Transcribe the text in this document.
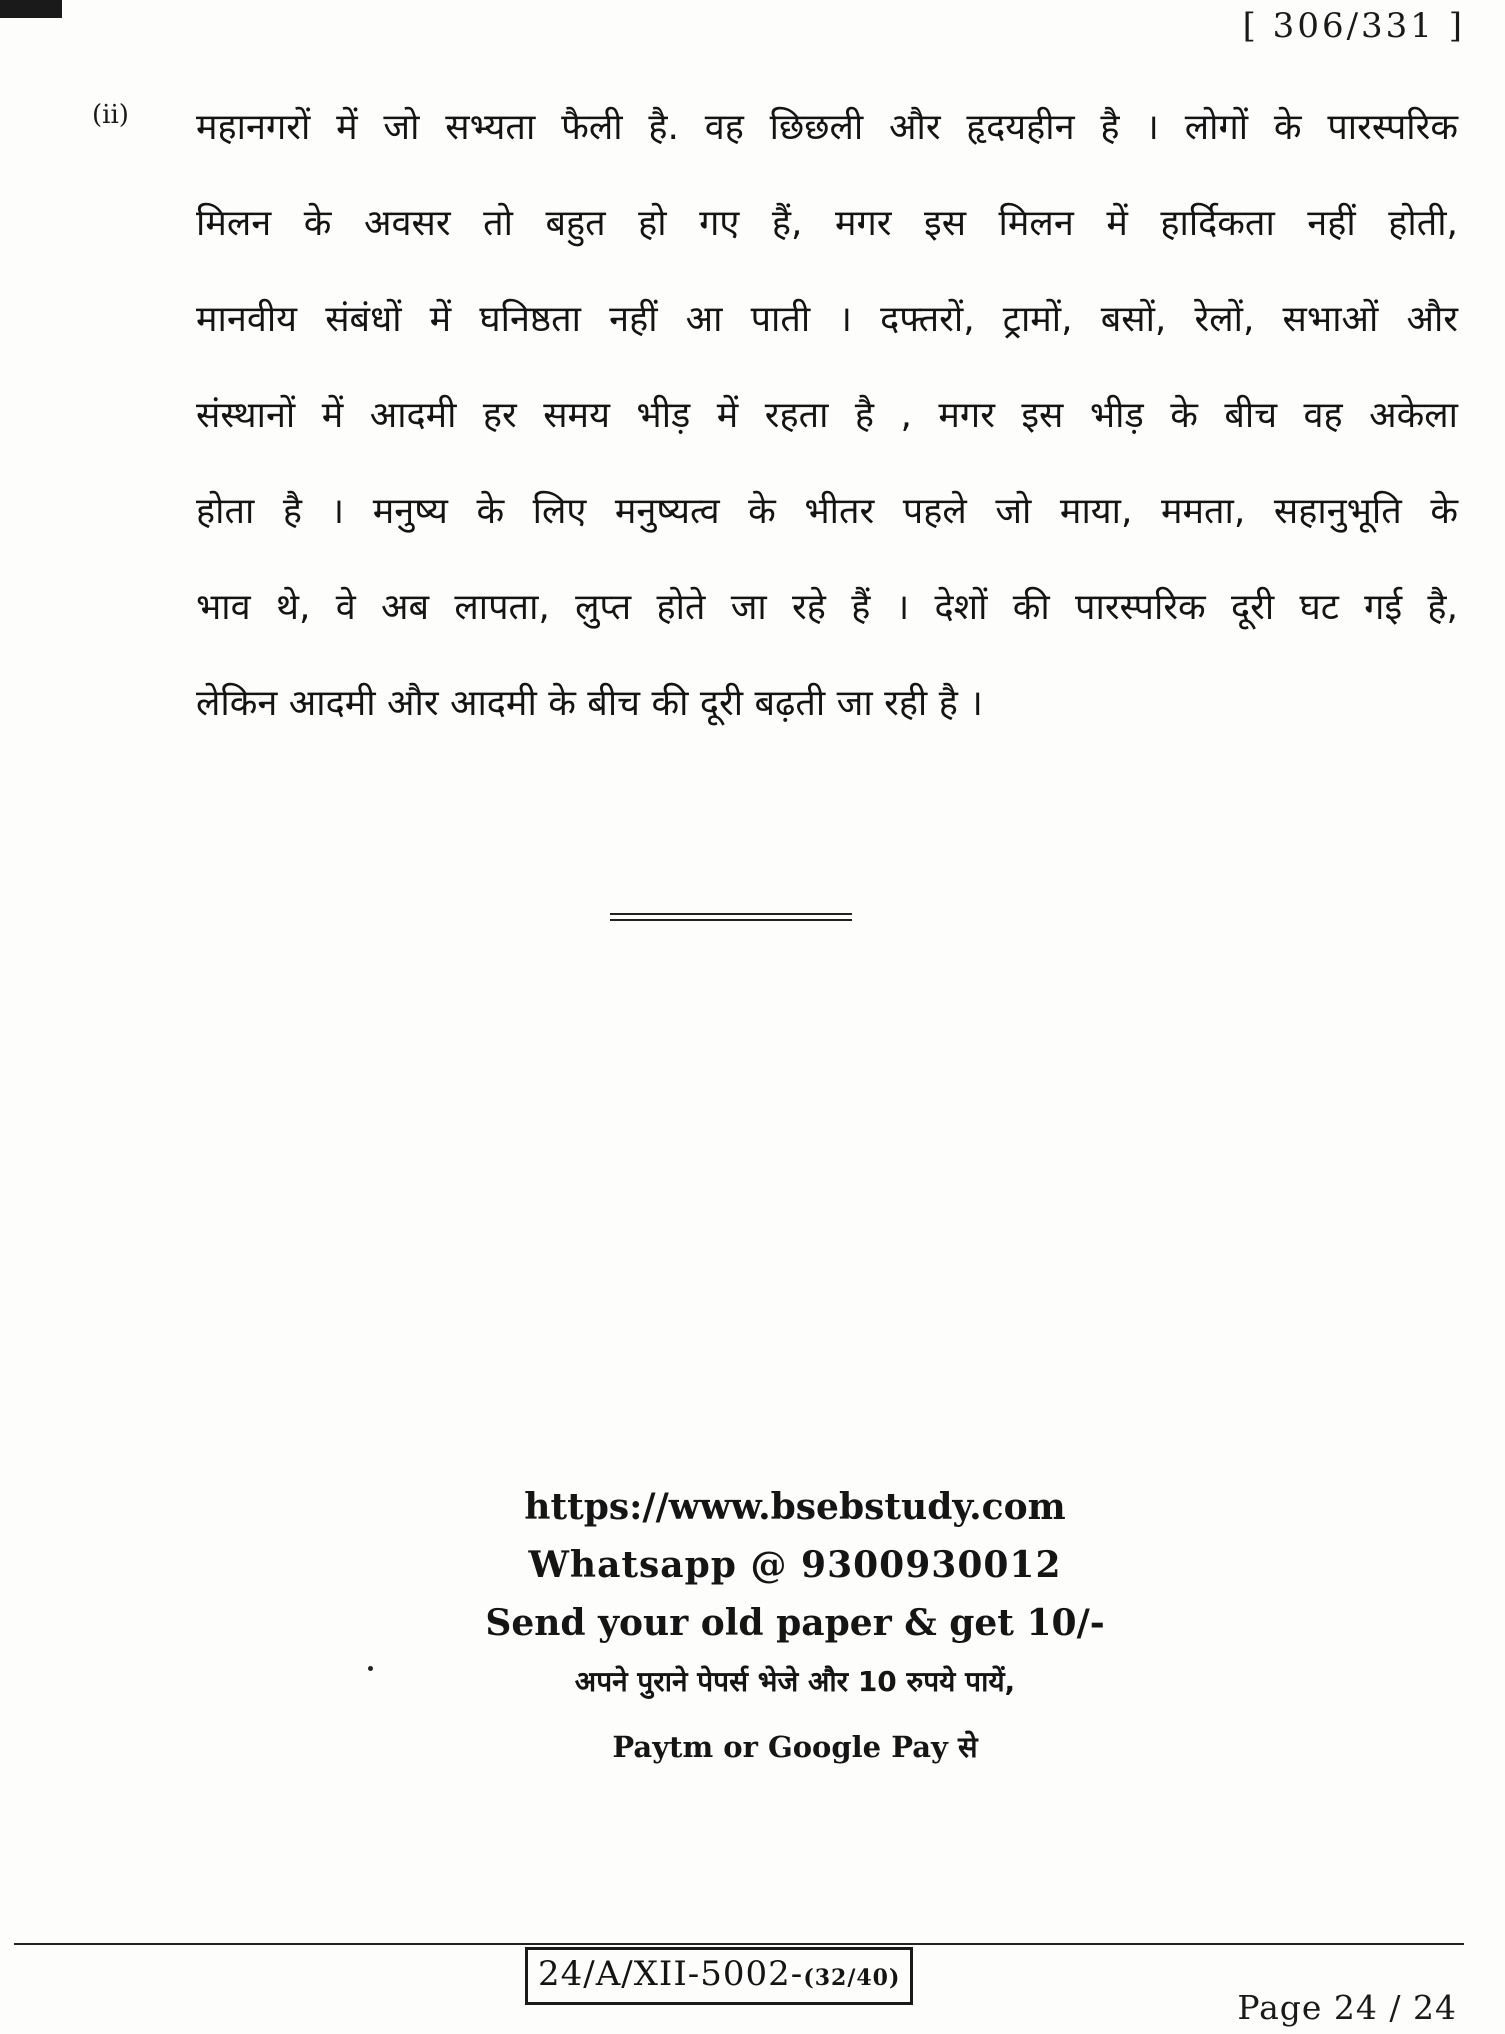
[ 306/331 ]
(ii) महानगरों में जो सभ्यता फैली है. वह छिछली और हृदयहीन है । लोगों के पारस्परिक
मिलन के अवसर तो बहुत हो गए हैं, मगर इस मिलन में हार्दिकता नहीं होती,
मानवीय संबंधों में घनिष्ठता नहीं आ पाती । दफ्तरों, ट्रामों, बसों, रेलों, सभाओं और
संस्थानों में आदमी हर समय भीड़ में रहता है , मगर इस भीड़ के बीच वह अकेला
होता है । मनुष्य के लिए मनुष्यत्व के भीतर पहले जो माया, ममता, सहानुभूति के
भाव थे, वे अब लापता, लुप्त होते जा रहे हैं । देशों की पारस्परिक दूरी घट गई है,
लेकिन आदमी और आदमी के बीच की दूरी बढ़ती जा रही है ।
https://www.bsebstudy.com
Whatsapp @ 9300930012
Send your old paper & get 10/-
अपने पुराने पेपर्स भेजे और 10 रुपये पायें,
Paytm or Google Pay से
24/A/XII-5002-(32/40)
Page 24 / 24
